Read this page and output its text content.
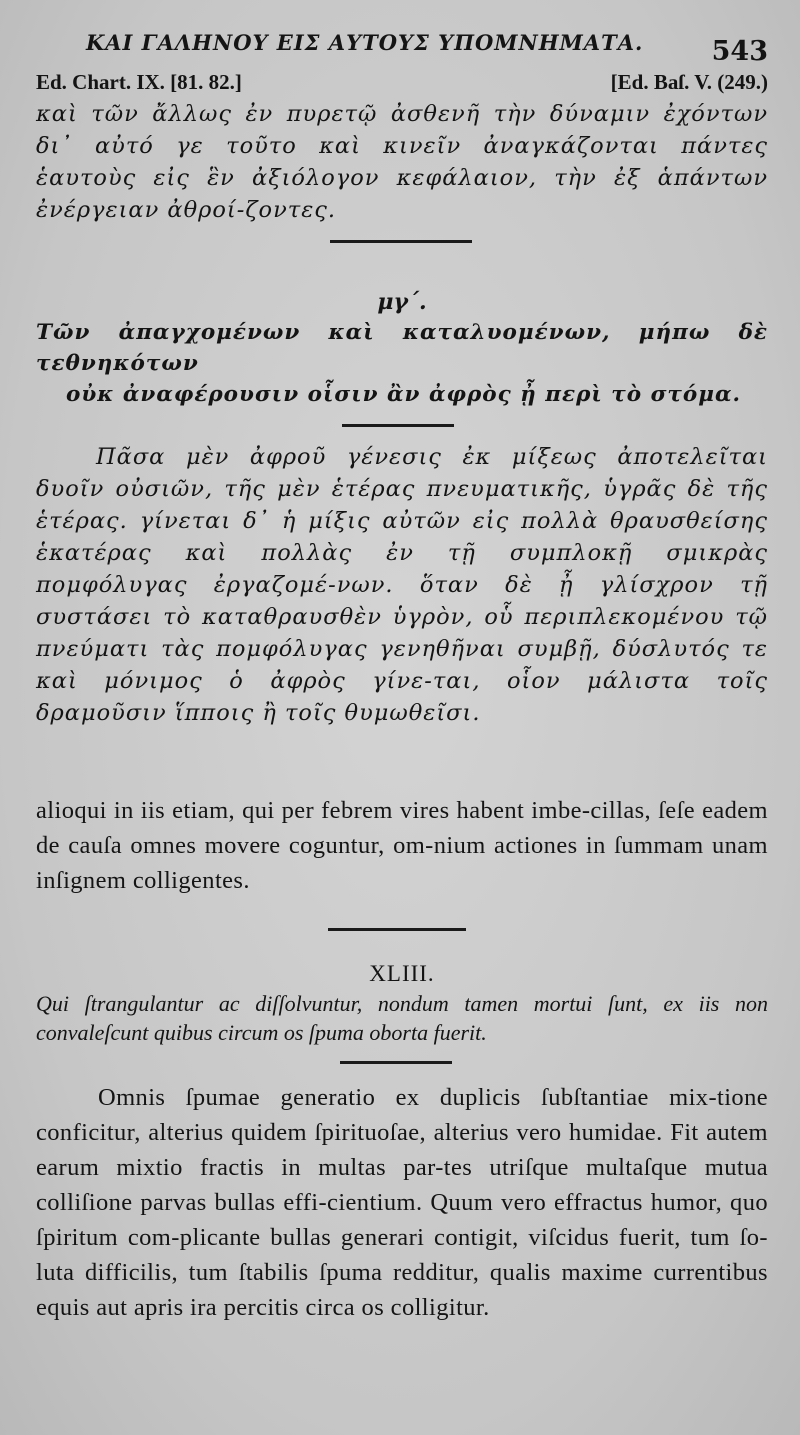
ΚΑΙ ΓΑΛΗΝΟΥ ΕΙΣ ΑΥΤΟΥΣ ΥΠΟΜΝΗΜΑΤΑ.	543
Ed. Chart. IX. [81. 82.]	[Ed. Baſ. V. (249.)

καὶ τῶν ἄλλως ἐν πυρετῷ ἀσθενῆ τὴν δύναμιν ἐχόντων δι᾽ αὐτό γε τοῦτο καὶ κινεῖν ἀναγκάζονται πάντες ἑαυτοὺς εἰς ἓν ἀξιόλογον κεφάλαιον, τὴν ἐξ ἁπάντων ἐνέργειαν ἀθροί-ζοντες.

μγ΄.

Τῶν ἀπαγχομένων καὶ καταλυομένων, μήπω δὲ τεθνηκότων

οὐκ ἀναφέρουσιν οἷσιν ἂν ἀφρὸς ᾖ περὶ τὸ στόμα.

Πᾶσα μὲν ἀφροῦ γένεσις ἐκ μίξεως ἀποτελεῖται δυοῖν οὐσιῶν, τῆς μὲν ἑτέρας πνευματικῆς, ὑγρᾶς δὲ τῆς ἑτέρας. γίνεται δ᾽ ἡ μίξις αὐτῶν εἰς πολλὰ θραυσθείσης ἑκατέρας καὶ πολλὰς ἐν τῇ συμπλοκῇ σμικρὰς πομφόλυγας ἐργαζομέ-νων. ὅταν δὲ ᾖ γλίσχρον τῇ συστάσει τὸ καταθραυσθὲν ὑγρὸν, οὗ περιπλεκομένου τῷ πνεύματι τὰς πομφόλυγας γενηθῆναι συμβῇ, δύσλυτός τε καὶ μόνιμος ὁ ἀφρὸς γίνε-ται, οἷον μάλιστα τοῖς δραμοῦσιν ἵπποις ἢ τοῖς θυμωθεῖσι.

alioqui in iis etiam, qui per febrem vires habent imbe-cillas, ſeſe eadem de cauſa omnes movere coguntur, om-nium actiones in ſummam unam inſignem colligentes.

XLIII.

Qui ſtrangulantur ac diſſolvuntur, nondum tamen mortui ſunt, ex iis non convaleſcunt quibus circum os ſpuma oborta fuerit.

Omnis ſpumae generatio ex duplicis ſubſtantiae mix-tione conficitur, alterius quidem ſpirituoſae, alterius vero humidae. Fit autem earum mixtio fractis in multas par-tes utriſque multaſque mutua colliſione parvas bullas effi-cientium. Quum vero effractus humor, quo ſpiritum com-plicante bullas generari contigit, viſcidus fuerit, tum ſo-luta difficilis, tum ſtabilis ſpuma redditur, qualis maxime currentibus equis aut apris ira percitis circa os colligitur.
